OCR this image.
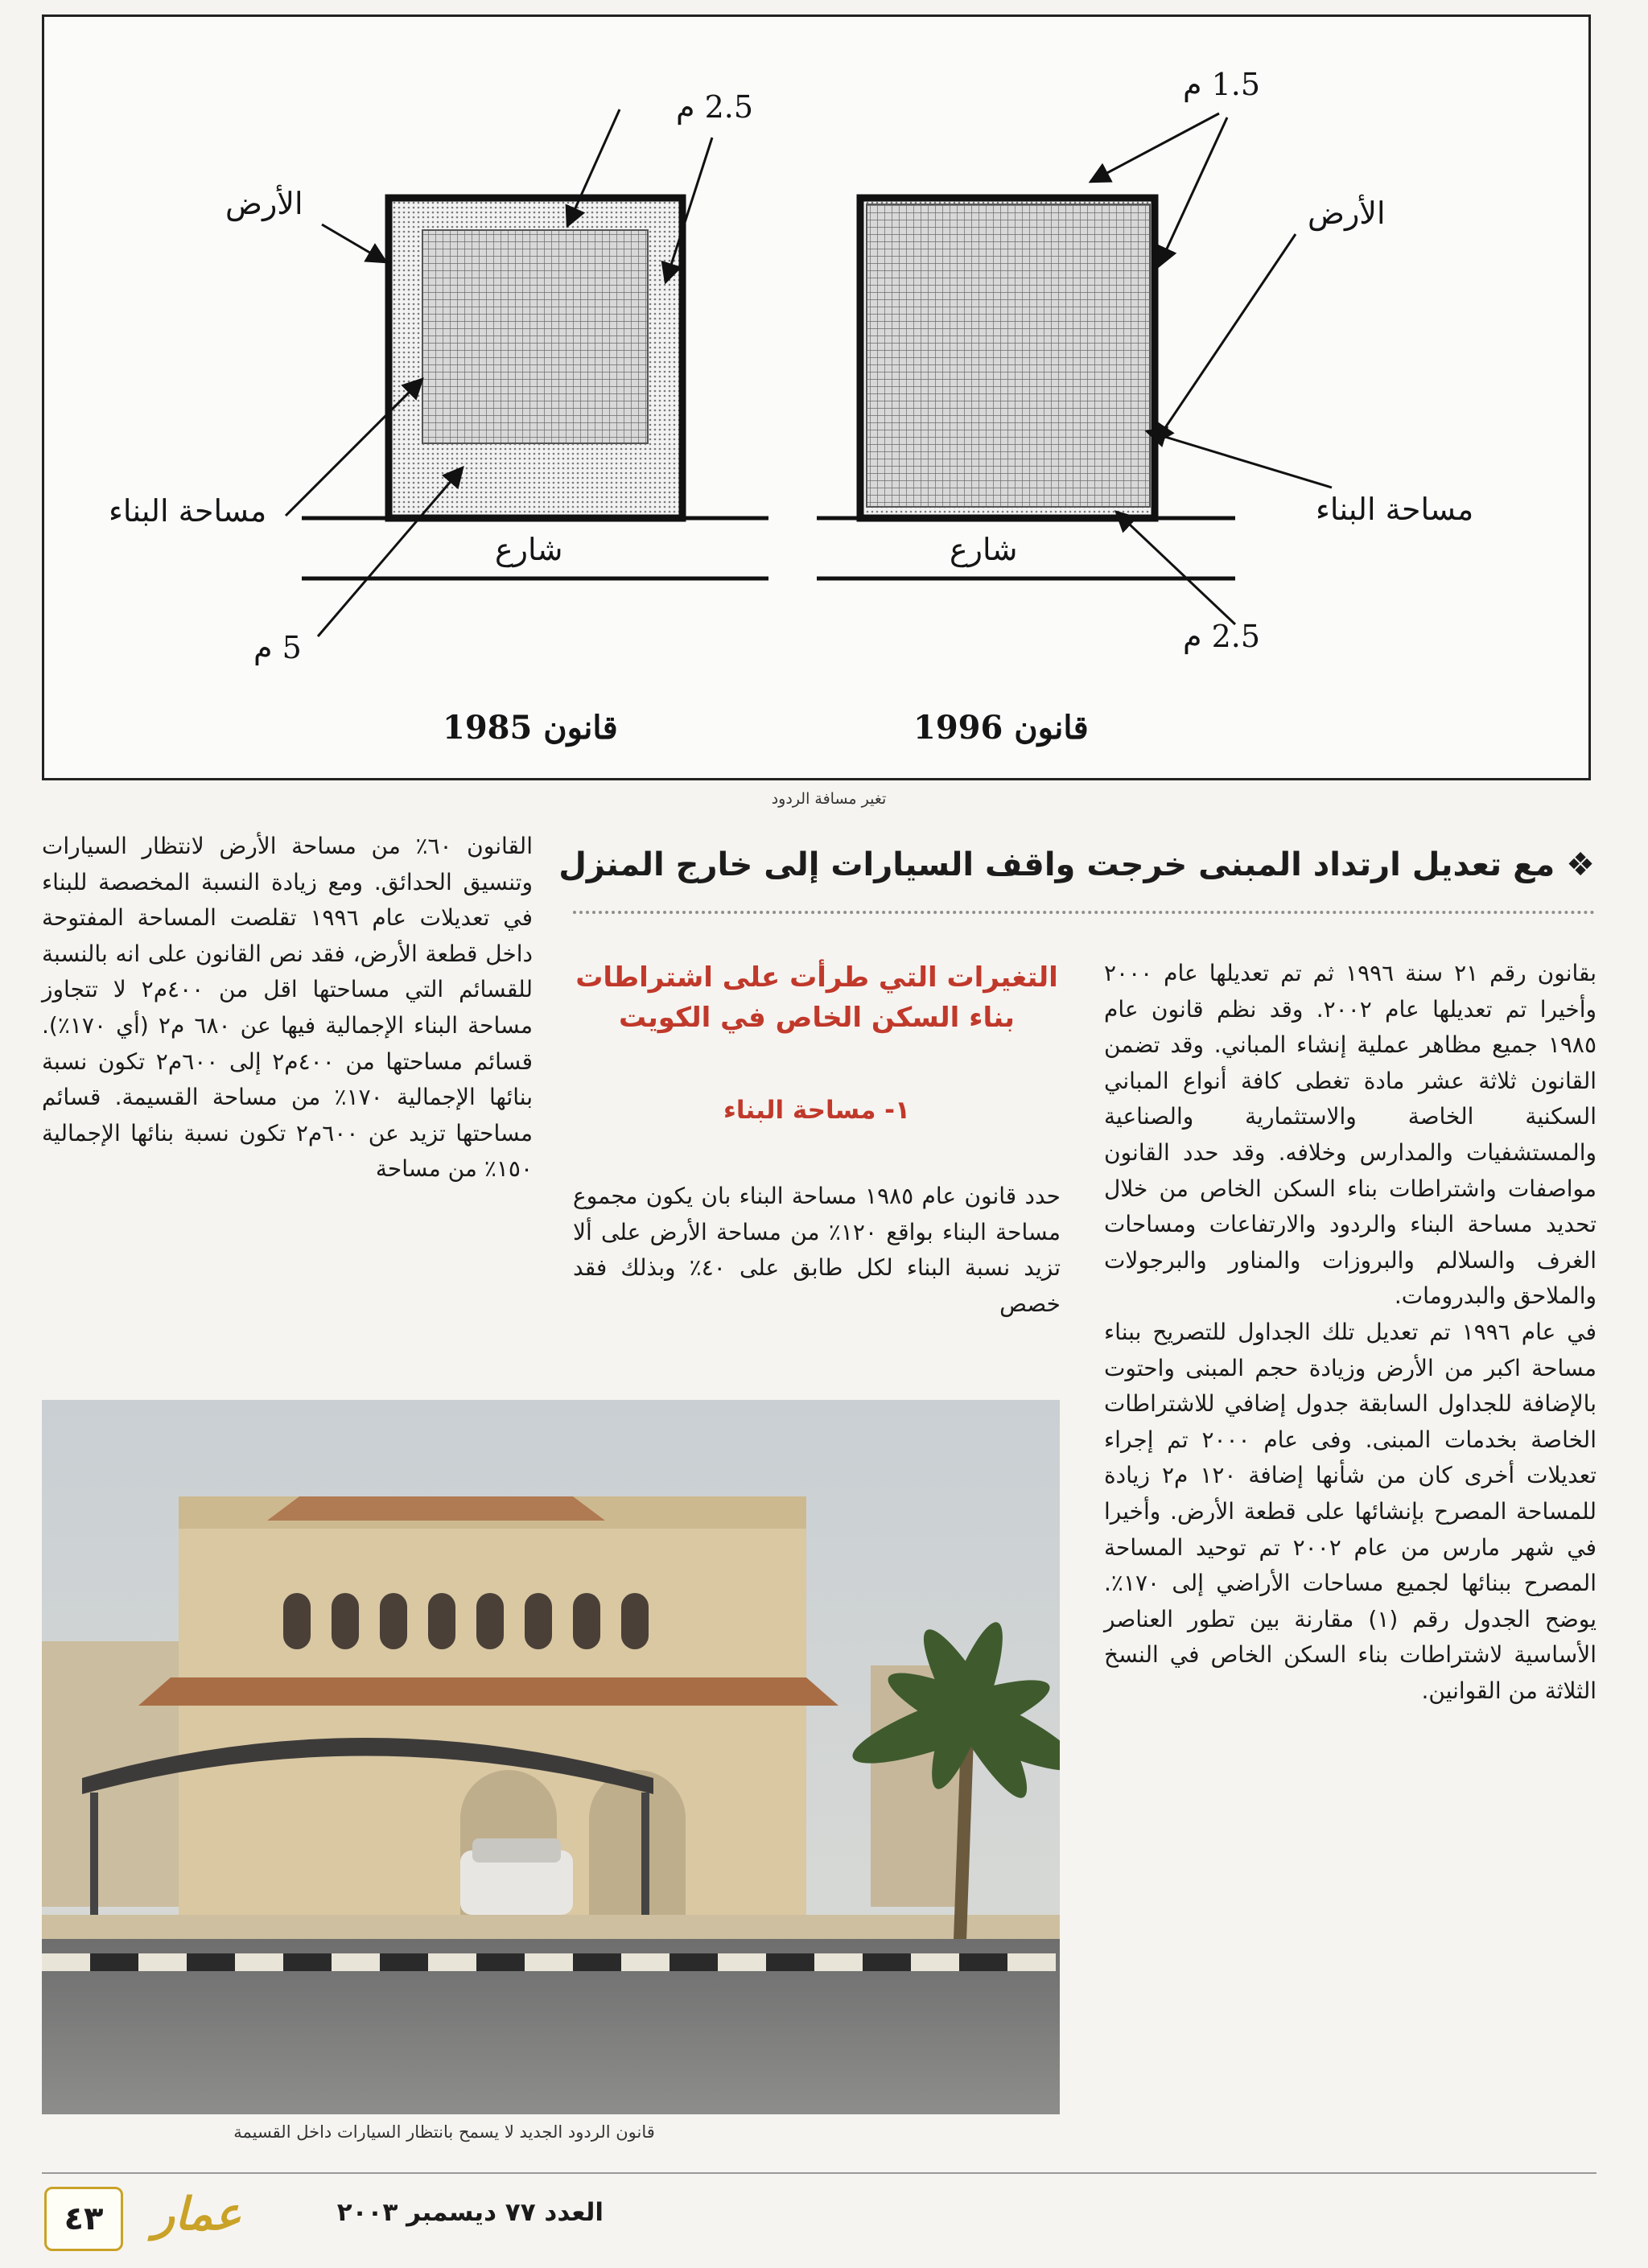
2.5 م
الأرض
مساحة البناء
شارع
5 م
قانون 1985
1.5 م
الأرض
مساحة البناء
شارع
2.5 م
قانون 1996
تغير مسافة الردود
❖ مع تعديل ارتداد المبنى خرجت واقف السيارات إلى خارج المنزل

بقانون رقم ٢١ سنة ١٩٩٦ ثم تم تعديلها عام ٢٠٠٠ وأخيرا تم تعديلها عام ٢٠٠٢. وقد نظم قانون عام ١٩٨٥ جميع مظاهر عملية إنشاء المباني. وقد تضمن القانون ثلاثة عشر مادة تغطى كافة أنواع المباني السكنية الخاصة والاستثمارية والصناعية والمستشفيات والمدارس وخلافه. وقد حدد القانون مواصفات واشتراطات بناء السكن الخاص من خلال تحديد مساحة البناء والردود والارتفاعات ومساحات الغرف والسلالم والبروزات والمناور والبرجولات والملاحق والبدرومات.

في عام ١٩٩٦ تم تعديل تلك الجداول للتصريح ببناء مساحة اكبر من الأرض وزيادة حجم المبنى واحتوت بالإضافة للجداول السابقة جدول إضافي للاشتراطات الخاصة بخدمات المبنى. وفى عام ٢٠٠٠ تم إجراء تعديلات أخرى كان من شأنها إضافة ١٢٠ م٢ زيادة للمساحة المصرح بإنشائها على قطعة الأرض. وأخيرا في شهر مارس من عام ٢٠٠٢ تم توحيد المساحة المصرح ببنائها لجميع مساحات الأراضي إلى ١٧٠٪. يوضح الجدول رقم (١) مقارنة بين تطور العناصر الأساسية لاشتراطات بناء السكن الخاص في النسخ الثلاثة من القوانين.

التغيرات التي طرأت على اشتراطات بناء السكن الخاص في الكويت
١- مساحة البناء

حدد قانون عام ١٩٨٥ مساحة البناء بان يكون مجموع مساحة البناء بواقع ١٢٠٪ من مساحة الأرض على ألا تزيد نسبة البناء لكل طابق على ٤٠٪ وبذلك فقد خصص

القانون ٦٠٪ من مساحة الأرض لانتظار السيارات وتنسيق الحدائق. ومع زيادة النسبة المخصصة للبناء في تعديلات عام ١٩٩٦ تقلصت المساحة المفتوحة داخل قطعة الأرض، فقد نص القانون على انه بالنسبة للقسائم التي مساحتها اقل من ٤٠٠م٢ لا تتجاوز مساحة البناء الإجمالية فيها عن ٦٨٠ م٢ (أي ١٧٠٪). قسائم مساحتها من ٤٠٠م٢ إلى ٦٠٠م٢ تكون نسبة بنائها الإجمالية ١٧٠٪ من مساحة القسيمة. قسائم مساحتها تزيد عن ٦٠٠م٢ تكون نسبة بنائها الإجمالية ١٥٠٪ من مساحة

قانون الردود الجديد لا يسمح بانتظار السيارات داخل القسيمة
٤٣	عمار	العدد ٧٧ ديسمبر ٢٠٠٣
